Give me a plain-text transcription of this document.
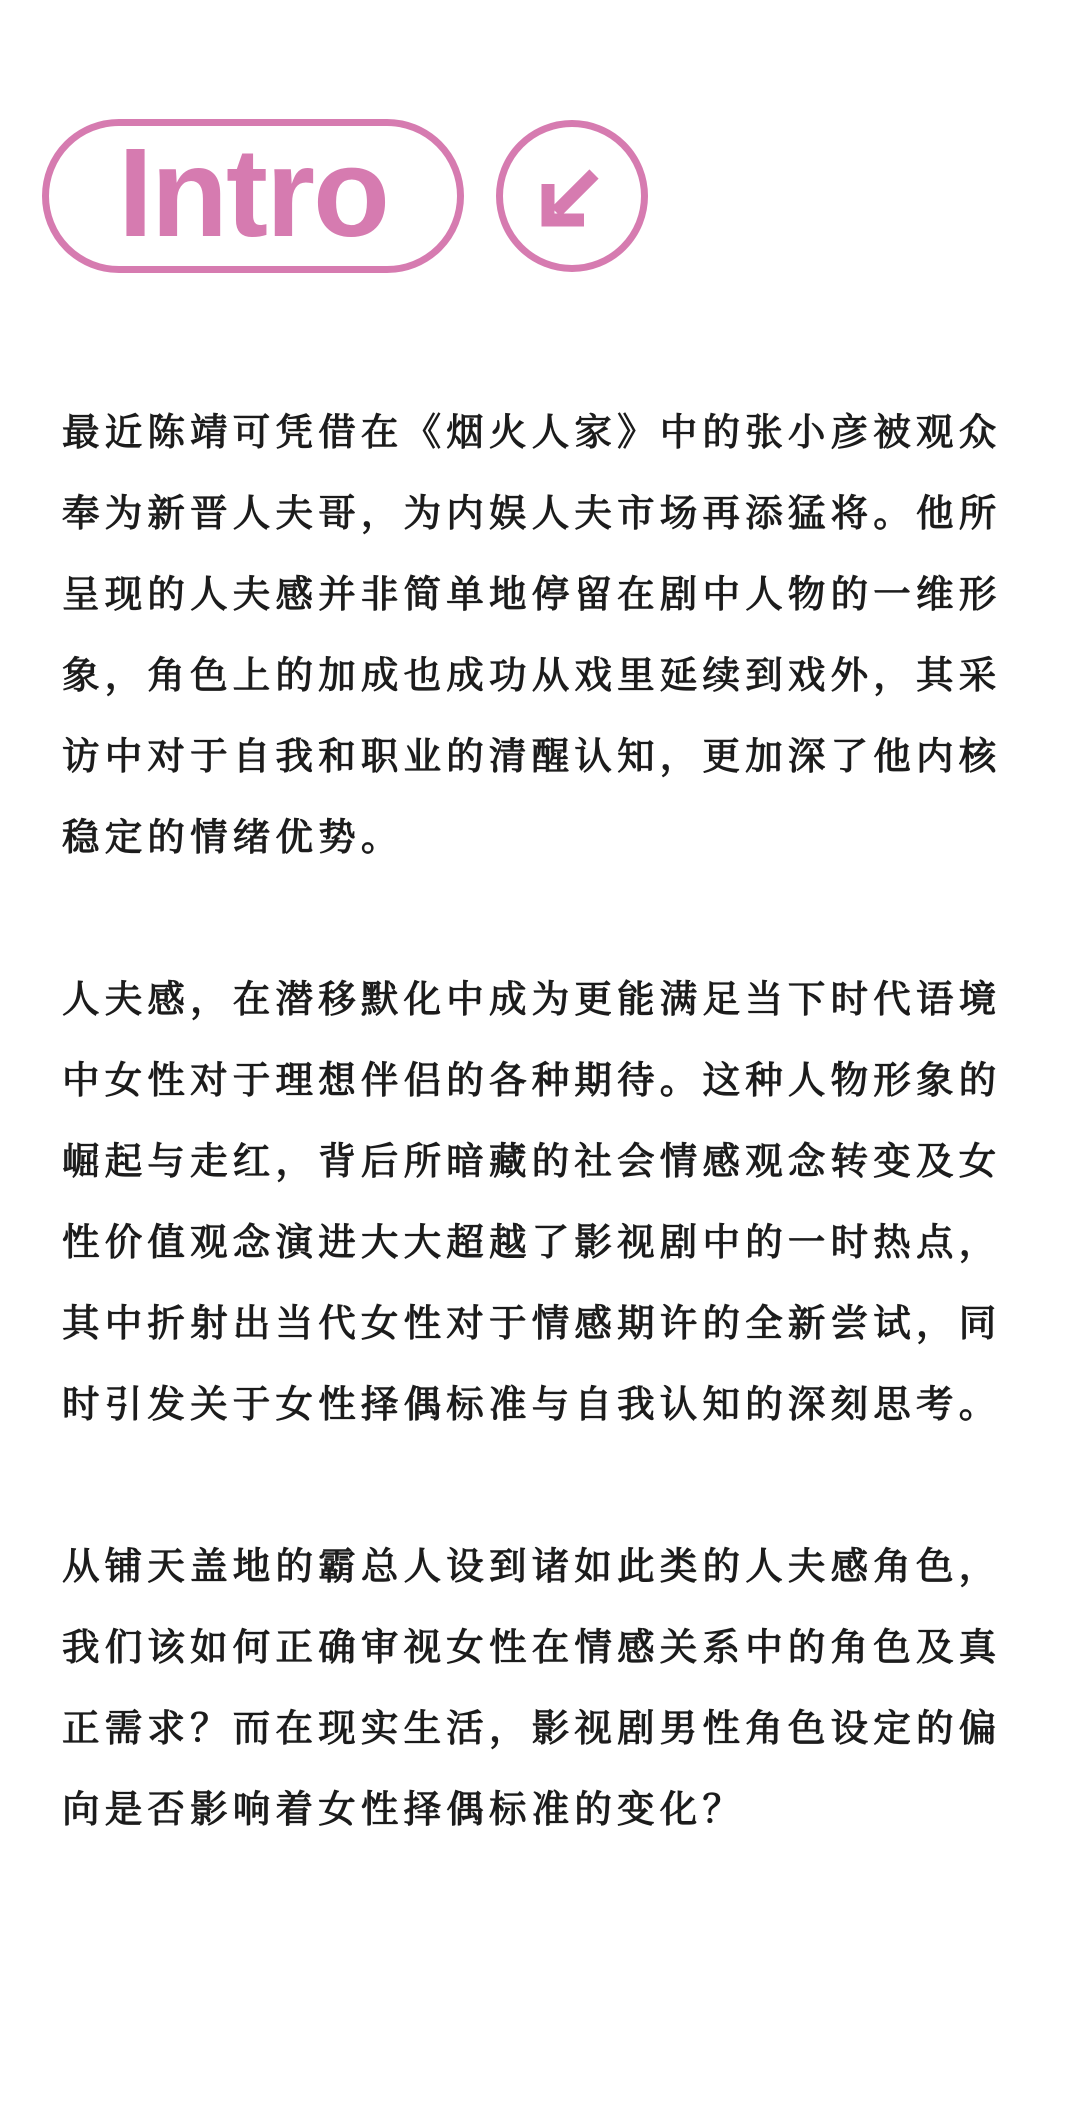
Intro

最近陈靖可凭借在《烟火人家》中的张小彦被观众奉为新晋人夫哥，为内娱人夫市场再添猛将。他所呈现的人夫感并非简单地停留在剧中人物的一维形象，角色上的加成也成功从戏里延续到戏外，其采访中对于自我和职业的清醒认知，更加深了他内核稳定的情绪优势。

人夫感，在潜移默化中成为更能满足当下时代语境中女性对于理想伴侣的各种期待。这种人物形象的崛起与走红，背后所暗藏的社会情感观念转变及女性价值观念演进大大超越了影视剧中的一时热点，其中折射出当代女性对于情感期许的全新尝试，同时引发关于女性择偶标准与自我认知的深刻思考。

从铺天盖地的霸总人设到诸如此类的人夫感角色，我们该如何正确审视女性在情感关系中的角色及真正需求？而在现实生活，影视剧男性角色设定的偏向是否影响着女性择偶标准的变化？
